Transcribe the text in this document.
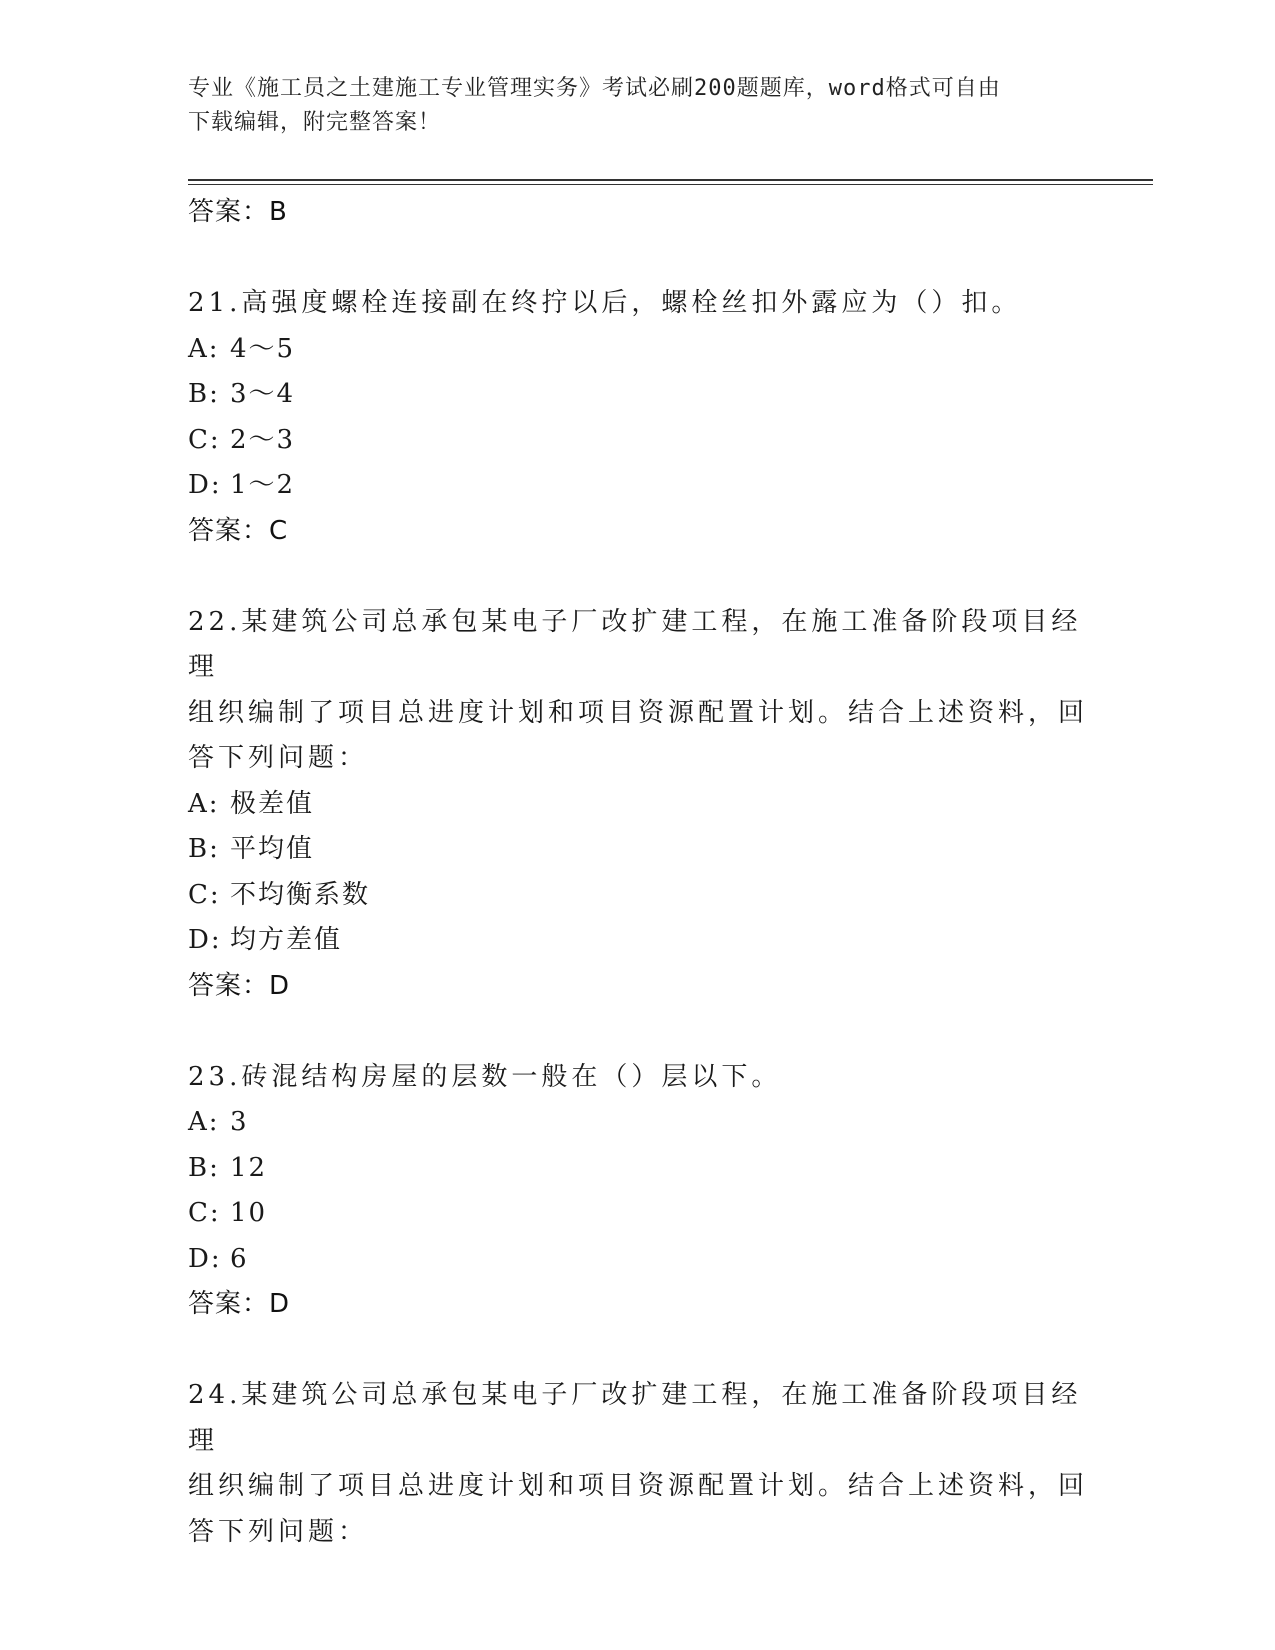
专业《施工员之土建施工专业管理实务》考试必刷200题题库，word格式可自由
下载编辑，附完整答案！
答案：B
21.高强度螺栓连接副在终拧以后，螺栓丝扣外露应为（）扣。
A: 4～5
B: 3～4
C: 2～3
D: 1～2
答案：C
22.某建筑公司总承包某电子厂改扩建工程，在施工准备阶段项目经理
组织编制了项目总进度计划和项目资源配置计划。结合上述资料，回
答下列问题：
A: 极差值
B: 平均值
C: 不均衡系数
D: 均方差值
答案：D
23.砖混结构房屋的层数一般在（）层以下。
A: 3
B: 12
C: 10
D: 6
答案：D
24.某建筑公司总承包某电子厂改扩建工程，在施工准备阶段项目经理
组织编制了项目总进度计划和项目资源配置计划。结合上述资料，回
答下列问题：
